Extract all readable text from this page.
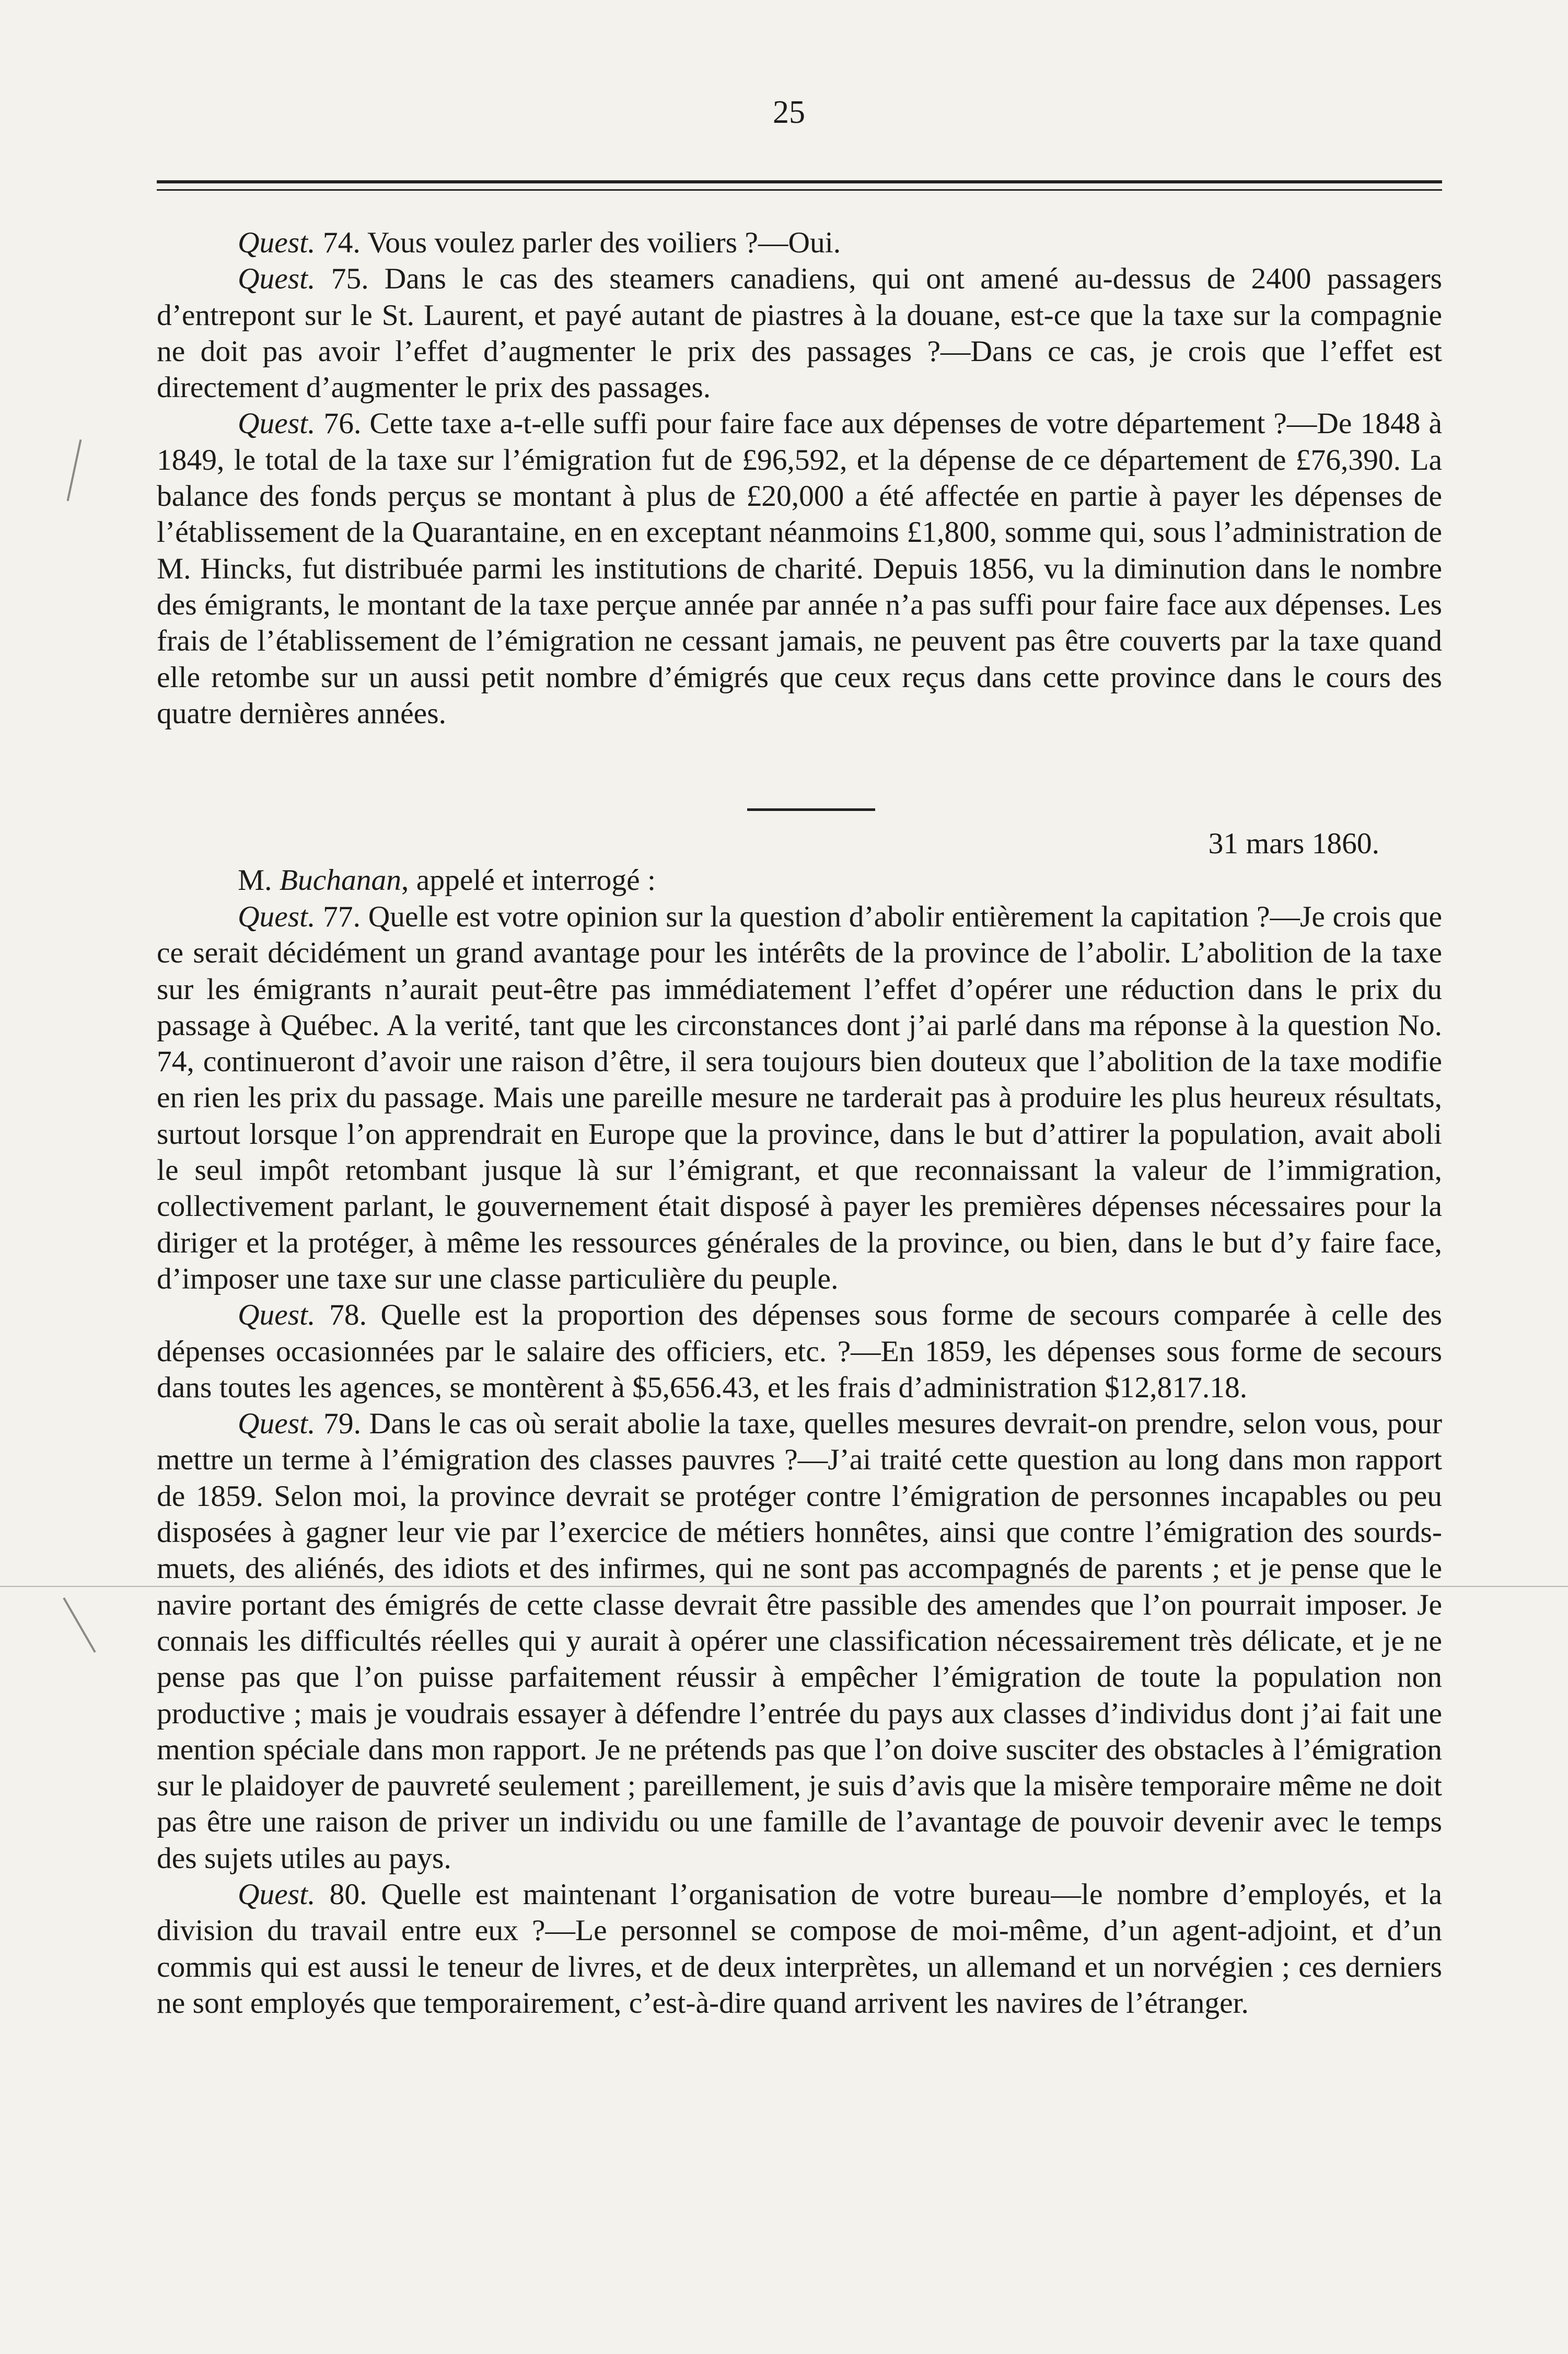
25

Quest. 74. Vous voulez parler des voiliers ?—Oui.

Quest. 75. Dans le cas des steamers canadiens, qui ont amené au-dessus de 2400 passagers d’entrepont sur le St. Laurent, et payé autant de piastres à la douane, est-ce que la taxe sur la compagnie ne doit pas avoir l’effet d’augmenter le prix des passages ?—Dans ce cas, je crois que l’effet est directement d’augmenter le prix des passages.

Quest. 76. Cette taxe a-t-elle suffi pour faire face aux dépenses de votre département ?—De 1848 à 1849, le total de la taxe sur l’émigration fut de £96,592, et la dépense de ce département de £76,390. La balance des fonds perçus se montant à plus de £20,000 a été affectée en partie à payer les dépenses de l’établissement de la Quarantaine, en en exceptant néanmoins £1,800, somme qui, sous l’administration de M. Hincks, fut distribuée parmi les institutions de charité. Depuis 1856, vu la diminution dans le nombre des émigrants, le montant de la taxe perçue année par année n’a pas suffi pour faire face aux dépenses. Les frais de l’établissement de l’émigration ne cessant jamais, ne peuvent pas être couverts par la taxe quand elle retombe sur un aussi petit nombre d’émigrés que ceux reçus dans cette province dans le cours des quatre dernières années.

31 mars 1860.
M. Buchanan, appelé et interrogé :

Quest. 77. Quelle est votre opinion sur la question d’abolir entièrement la capitation ?—Je crois que ce serait décidément un grand avantage pour les intérêts de la province de l’abolir. L’abolition de la taxe sur les émigrants n’aurait peut-être pas immédiatement l’effet d’opérer une réduction dans le prix du passage à Québec. A la verité, tant que les circonstances dont j’ai parlé dans ma réponse à la question No. 74, continueront d’avoir une raison d’être, il sera toujours bien douteux que l’abolition de la taxe modifie en rien les prix du passage. Mais une pareille mesure ne tarderait pas à produire les plus heureux résultats, surtout lorsque l’on apprendrait en Europe que la province, dans le but d’attirer la population, avait aboli le seul impôt retombant jusque là sur l’émigrant, et que reconnaissant la valeur de l’immigration, collectivement parlant, le gouvernement était disposé à payer les premières dépenses nécessaires pour la diriger et la protéger, à même les ressources générales de la province, ou bien, dans le but d’y faire face, d’imposer une taxe sur une classe particulière du peuple.

Quest. 78. Quelle est la proportion des dépenses sous forme de secours comparée à celle des dépenses occasionnées par le salaire des officiers, etc. ?—En 1859, les dépenses sous forme de secours dans toutes les agences, se montèrent à $5,656.43, et les frais d’administration $12,817.18.

Quest. 79. Dans le cas où serait abolie la taxe, quelles mesures devrait-on prendre, selon vous, pour mettre un terme à l’émigration des classes pauvres ?—J’ai traité cette question au long dans mon rapport de 1859. Selon moi, la province devrait se protéger contre l’émigration de personnes incapables ou peu disposées à gagner leur vie par l’exercice de métiers honnêtes, ainsi que contre l’émigration des sourds-muets, des aliénés, des idiots et des infirmes, qui ne sont pas accompagnés de parents ; et je pense que le navire portant des émigrés de cette classe devrait être passible des amendes que l’on pourrait imposer. Je connais les difficultés réelles qui y aurait à opérer une classification nécessairement très délicate, et je ne pense pas que l’on puisse parfaitement réussir à empêcher l’émigration de toute la population non productive ; mais je voudrais essayer à défendre l’entrée du pays aux classes d’individus dont j’ai fait une mention spéciale dans mon rapport. Je ne prétends pas que l’on doive susciter des obstacles à l’émigration sur le plaidoyer de pauvreté seulement ; pareillement, je suis d’avis que la misère temporaire même ne doit pas être une raison de priver un individu ou une famille de l’avantage de pouvoir devenir avec le temps des sujets utiles au pays.

Quest. 80. Quelle est maintenant l’organisation de votre bureau—le nombre d’employés, et la division du travail entre eux ?—Le personnel se compose de moi-même, d’un agent-adjoint, et d’un commis qui est aussi le teneur de livres, et de deux interprètes, un allemand et un norvégien ; ces derniers ne sont employés que temporairement, c’est-à-dire quand arrivent les navires de l’étranger.
